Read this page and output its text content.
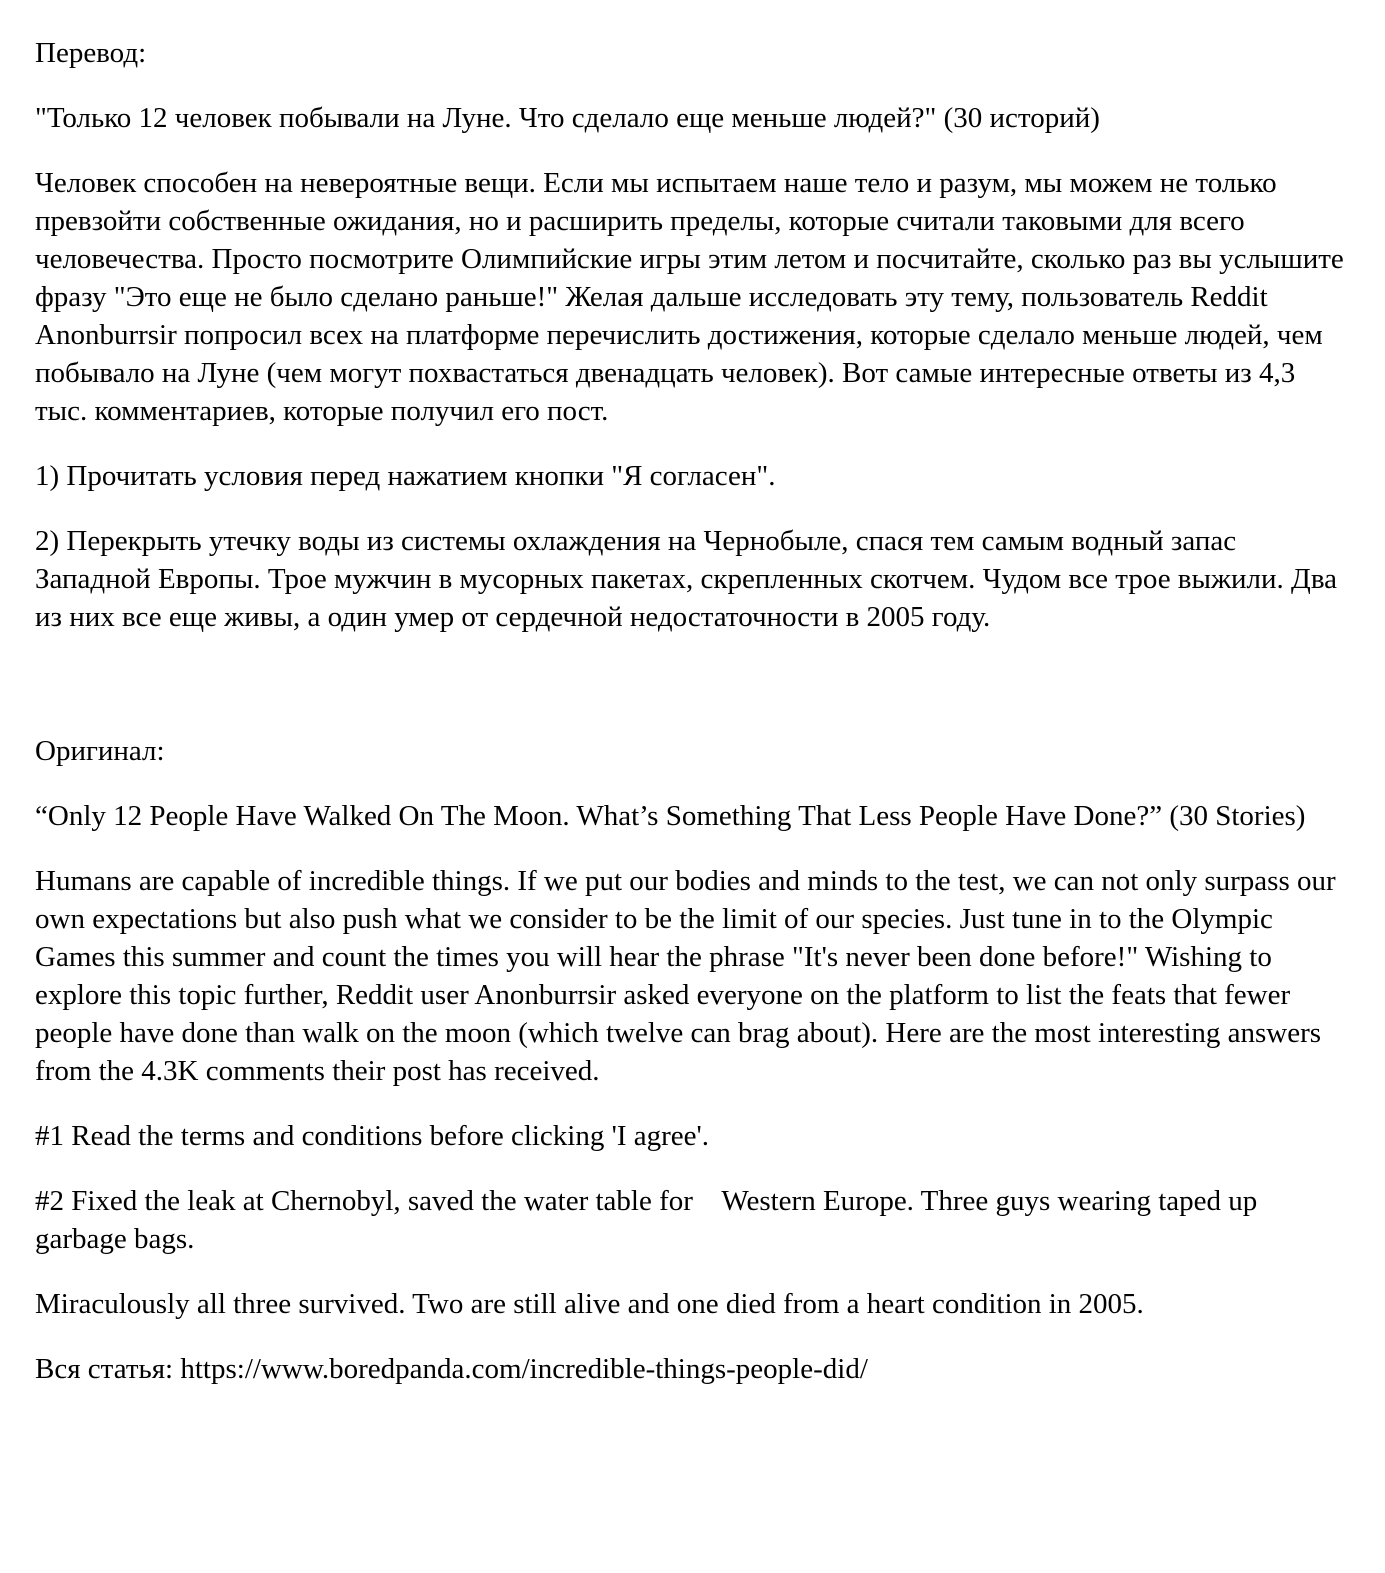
Перевод:

"Только 12 человек побывали на Луне. Что сделало еще меньше людей?" (30 историй)

Человек способен на невероятные вещи. Если мы испытаем наше тело и разум, мы можем не только превзойти собственные ожидания, но и расширить пределы, которые считали таковыми для всего человечества. Просто посмотрите Олимпийские игры этим летом и посчитайте, сколько раз вы услышите фразу "Это еще не было сделано раньше!" Желая дальше исследовать эту тему, пользователь Reddit Anonburrsir попросил всех на платформе перечислить достижения, которые сделало меньше людей, чем побывало на Луне (чем могут похвастаться двенадцать человек). Вот самые интересные ответы из 4,3 тыс. комментариев, которые получил его пост.

1) Прочитать условия перед нажатием кнопки "Я согласен".

2) Перекрыть утечку воды из системы охлаждения на Чернобыле, спася тем самым водный запас Западной Европы. Трое мужчин в мусорных пакетах, скрепленных скотчем. Чудом все трое выжили. Два из них все еще живы, а один умер от сердечной недостаточности в 2005 году.

Оригинал:

“Only 12 People Have Walked On The Moon. What’s Something That Less People Have Done?” (30 Stories)

Humans are capable of incredible things. If we put our bodies and minds to the test, we can not only surpass our own expectations but also push what we consider to be the limit of our species. Just tune in to the Olympic Games this summer and count the times you will hear the phrase "It's never been done before!" Wishing to explore this topic further, Reddit user Anonburrsir asked everyone on the platform to list the feats that fewer people have done than walk on the moon (which twelve can brag about). Here are the most interesting answers from the 4.3K comments their post has received.

#1 Read the terms and conditions before clicking 'I agree'.

#2 Fixed the leak at Chernobyl, saved the water table for    Western Europe. Three guys wearing taped up garbage bags.

Miraculously all three survived. Two are still alive and one died from a heart condition in 2005.

Вся статья: https://www.boredpanda.com/incredible-things-people-did/
